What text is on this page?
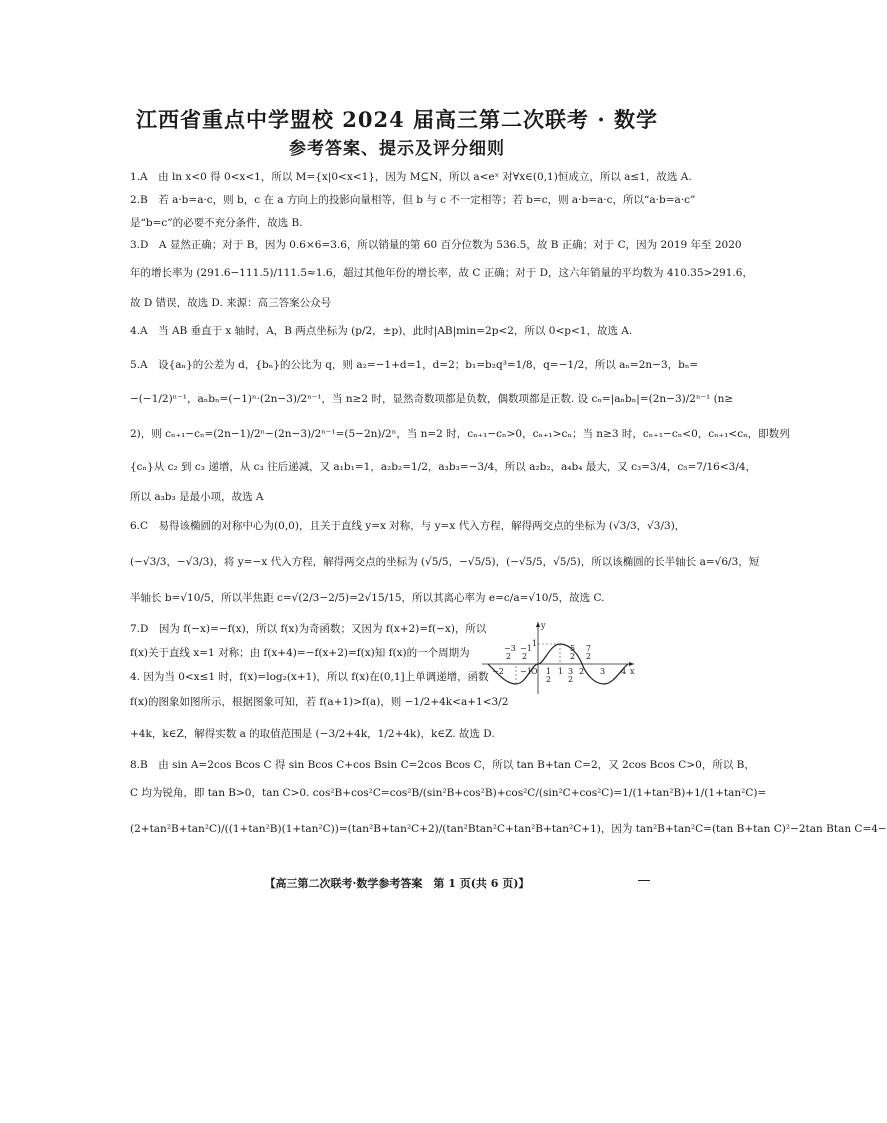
江西省重点中学盟校 2024 届高三第二次联考 · 数学
参考答案、提示及评分细则
1.A　由 ln x<0 得 0<x<1，所以 M={x|0<x<1}，因为 M⊆N，所以 a<eˣ 对∀x∈(0,1)恒成立，所以 a≤1，故选 A.
2.B　若 a·b=a·c，则 b，c 在 a 方向上的投影向量相等，但 b 与 c 不一定相等；若 b=c，则 a·b=a·c，所以“a·b=a·c”
是“b=c”的必要不充分条件，故选 B.
3.D　A 显然正确；对于 B，因为 0.6×6=3.6，所以销量的第 60 百分位数为 536.5，故 B 正确；对于 C，因为 2019 年至 2020
年的增长率为 (291.6−111.5)/111.5≈1.6，超过其他年份的增长率，故 C 正确；对于 D，这六年销量的平均数为 410.35>291.6，
故 D 错误，故选 D. 来源：高三答案公众号
4.A　当 AB 垂直于 x 轴时，A，B 两点坐标为 (p/2，±p)，此时|AB|min=2p<2，所以 0<p<1，故选 A.
5.A　设{aₙ}的公差为 d，{bₙ}的公比为 q，则 a₂=−1+d=1，d=2；b₁=b₂q³=1/8，q=−1/2，所以 aₙ=2n−3，bₙ=
−(−1/2)ⁿ⁻¹，aₙbₙ=(−1)ⁿ·(2n−3)/2ⁿ⁻¹，当 n≥2 时，显然奇数项都是负数，偶数项都是正数. 设 cₙ=|aₙbₙ|=(2n−3)/2ⁿ⁻¹ (n≥
2)，则 cₙ₊₁−cₙ=(2n−1)/2ⁿ−(2n−3)/2ⁿ⁻¹=(5−2n)/2ⁿ，当 n=2 时，cₙ₊₁−cₙ>0，cₙ₊₁>cₙ；当 n≥3 时，cₙ₊₁−cₙ<0，cₙ₊₁<cₙ，即数列
{cₙ}从 c₂ 到 c₃ 递增，从 c₃ 往后递减，又 a₁b₁=1，a₂b₂=1/2，a₃b₃=−3/4，所以 a₂b₂，a₄b₄ 最大，又 c₃=3/4，c₅=7/16<3/4，
所以 a₃b₃ 是最小项，故选 A
6.C　易得该椭圆的对称中心为(0,0)，且关于直线 y=x 对称，与 y=x 代入方程，解得两交点的坐标为 (√3/3，√3/3)，
(−√3/3，−√3/3)，将 y=−x 代入方程，解得两交点的坐标为 (√5/5，−√5/5)，(−√5/5，√5/5)，所以该椭圆的长半轴长 a=√6/3，短
半轴长 b=√10/5，所以半焦距 c=√(2/3−2/5)=2√15/15，所以其离心率为 e=c/a=√10/5，故选 C.
7.D　因为 f(−x)=−f(x)，所以 f(x)为奇函数；又因为 f(x+2)=f(−x)，所以
f(x)关于直线 x=1 对称；由 f(x+4)=−f(x+2)=f(x)知 f(x)的一个周期为
4. 因为当 0<x≤1 时，f(x)=log₂(x+1)，所以 f(x)在(0,1]上单调递增，函数
f(x)的图象如图所示，根据图象可知，若 f(a+1)>f(a)，则 −1/2+4k<a+1<3/2
+4k，k∈Z，解得实数 a 的取值范围是 (−3/2+4k，1/2+4k)，k∈Z. 故选 D.
8.B　由 sin A=2cos Bcos C 得 sin Bcos C+cos Bsin C=2cos Bcos C，所以 tan B+tan C=2，又 2cos Bcos C>0，所以 B，
C 均为锐角，即 tan B>0，tan C>0. cos²B+cos²C=cos²B/(sin²B+cos²B)+cos²C/(sin²C+cos²C)=1/(1+tan²B)+1/(1+tan²C)=
(2+tan²B+tan²C)/((1+tan²B)(1+tan²C))=(tan²B+tan²C+2)/(tan²Btan²C+tan²B+tan²C+1)，因为 tan²B+tan²C=(tan B+tan C)²−2tan Btan C=4−
y
x
O
1
−3
2
−1
2
5
2
7
2
−2 −1	1 2 3 4
1
2
3
2
【高三第二次联考·数学参考答案　第 1 页(共 6 页)】
